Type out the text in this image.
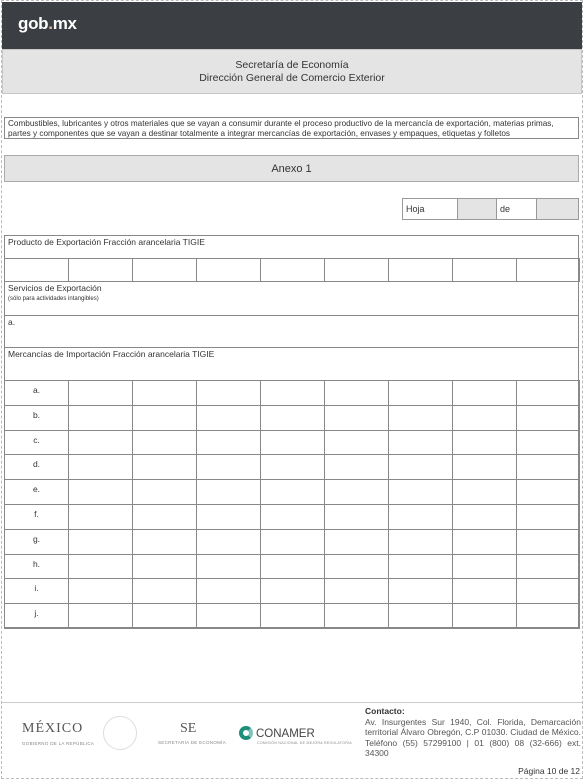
gob.mx
Secretaría de Economía
Dirección General de Comercio Exterior
Combustibles, lubricantes y otros materiales que se vayan a consumir durante el proceso productivo de la mercancía de exportación, materias primas, partes y componentes que se vayan a destinar totalmente a integrar mercancías de exportación, envases y empaques, etiquetas y folletos
Anexo 1
Hoja	de
Producto de Exportación Fracción arancelaria TIGIE
Servicios de Exportación
(sólo para actividades intangibles)
a.
Mercancías de Importación Fracción arancelaria TIGIE
a.
b.
c.
d.
e.
f.
g.
h.
i.
j.
MÉXICO
GOBIERNO DE LA REPÚBLICA
SE
SECRETARÍA DE ECONOMÍA
CONAMER
COMISIÓN NACIONAL DE MEJORA REGULATORIA
Contacto:
Av. Insurgentes Sur 1940, Col. Florida, Demarcación territorial Álvaro Obregón, C.P 01030. Ciudad de México. Teléfono (55) 57299100 | 01 (800) 08 (32-666) ext. 34300
Página 10 de 12
